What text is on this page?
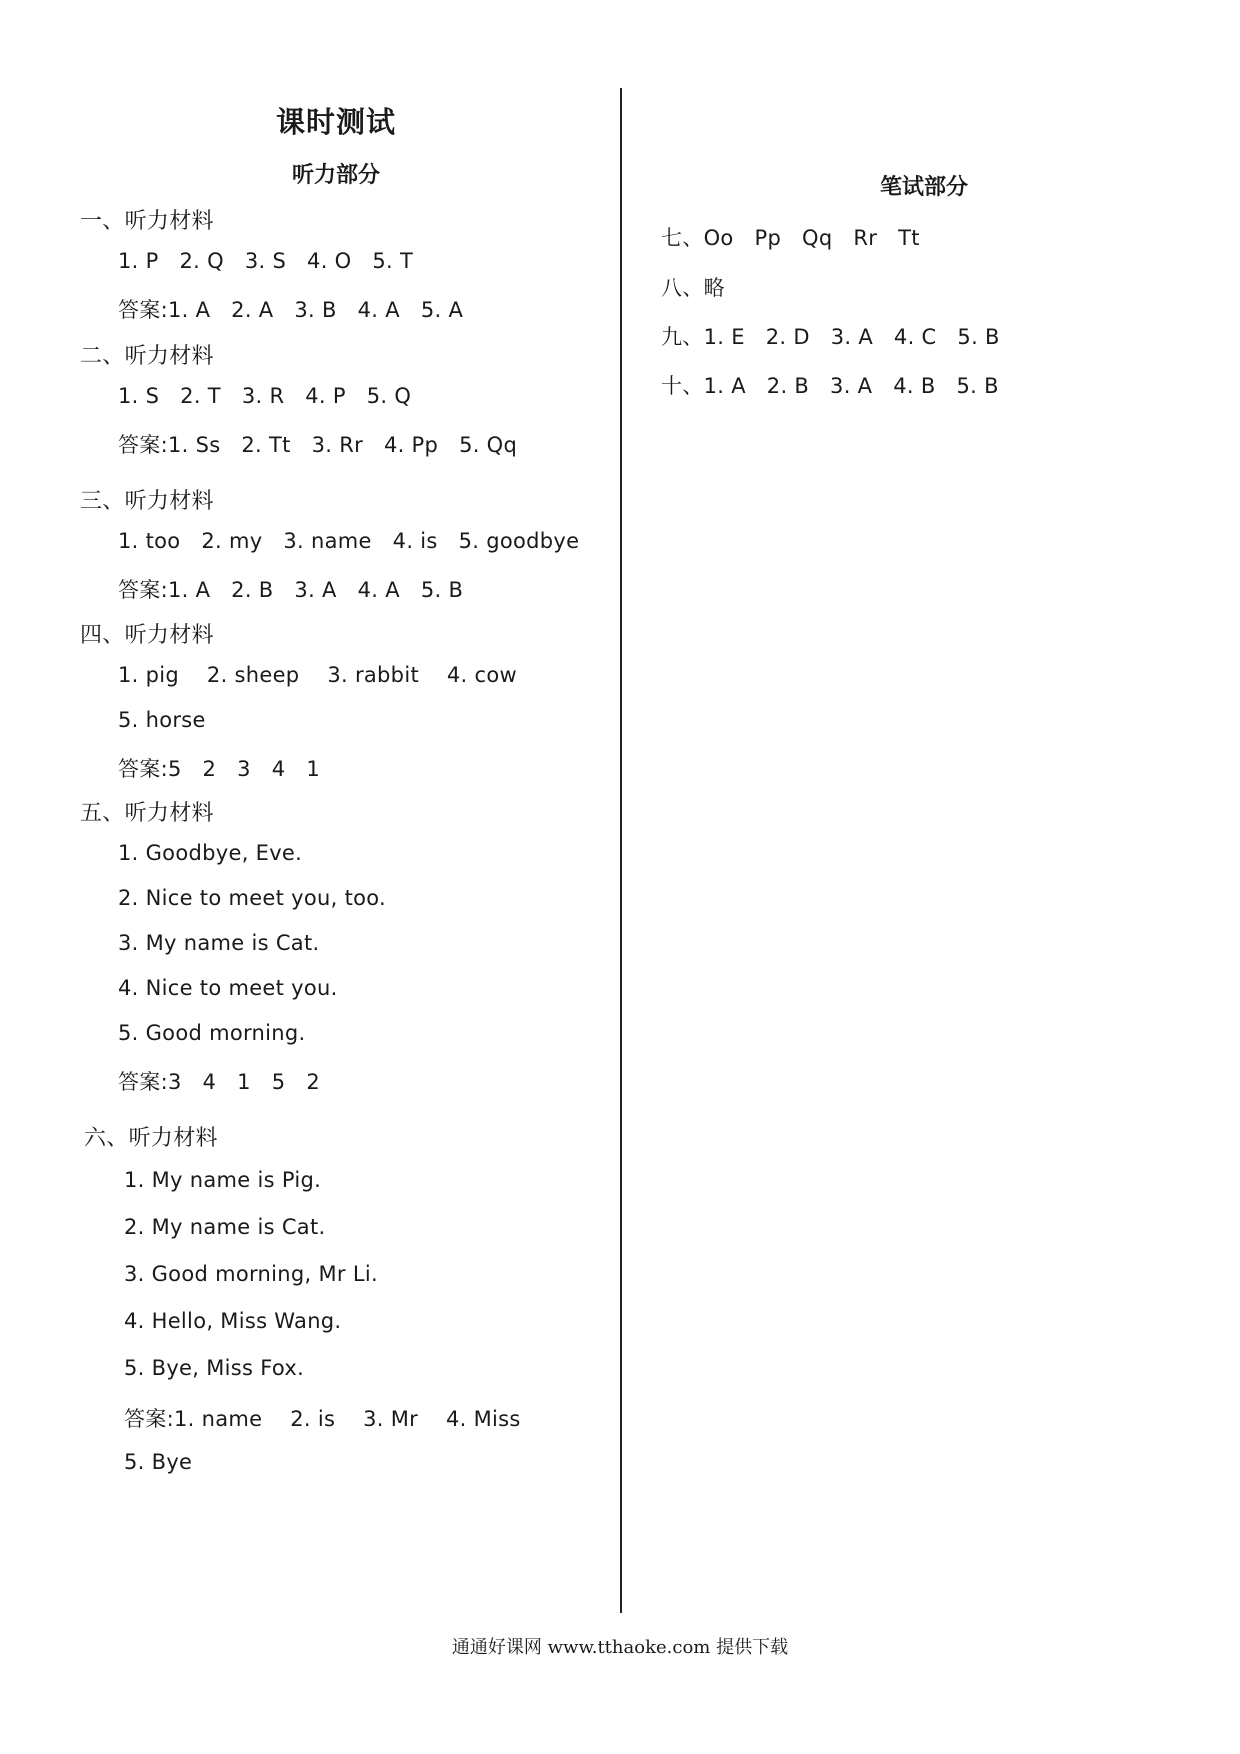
课时测试
听力部分
一、听力材料
1. P   2. Q   3. S   4. O   5. T
答案:1. A   2. A   3. B   4. A   5. A
二、听力材料
1. S   2. T   3. R   4. P   5. Q
答案:1. Ss   2. Tt   3. Rr   4. Pp   5. Qq
三、听力材料
1. too   2. my   3. name   4. is   5. goodbye
答案:1. A   2. B   3. A   4. A   5. B
四、听力材料
1. pig    2. sheep    3. rabbit    4. cow
5. horse
答案:5   2   3   4   1
五、听力材料
1. Goodbye, Eve.
2. Nice to meet you, too.
3. My name is Cat.
4. Nice to meet you.
5. Good morning.
答案:3   4   1   5   2
六、听力材料
1. My name is Pig.
2. My name is Cat.
3. Good morning, Mr Li.
4. Hello, Miss Wang.
5. Bye, Miss Fox.
答案:1. name    2. is    3. Mr    4. Miss
5. Bye
笔试部分
七、Oo   Pp   Qq   Rr   Tt
八、略
九、1. E   2. D   3. A   4. C   5. B
十、1. A   2. B   3. A   4. B   5. B
通通好课网 www.tthaoke.com 提供下载
